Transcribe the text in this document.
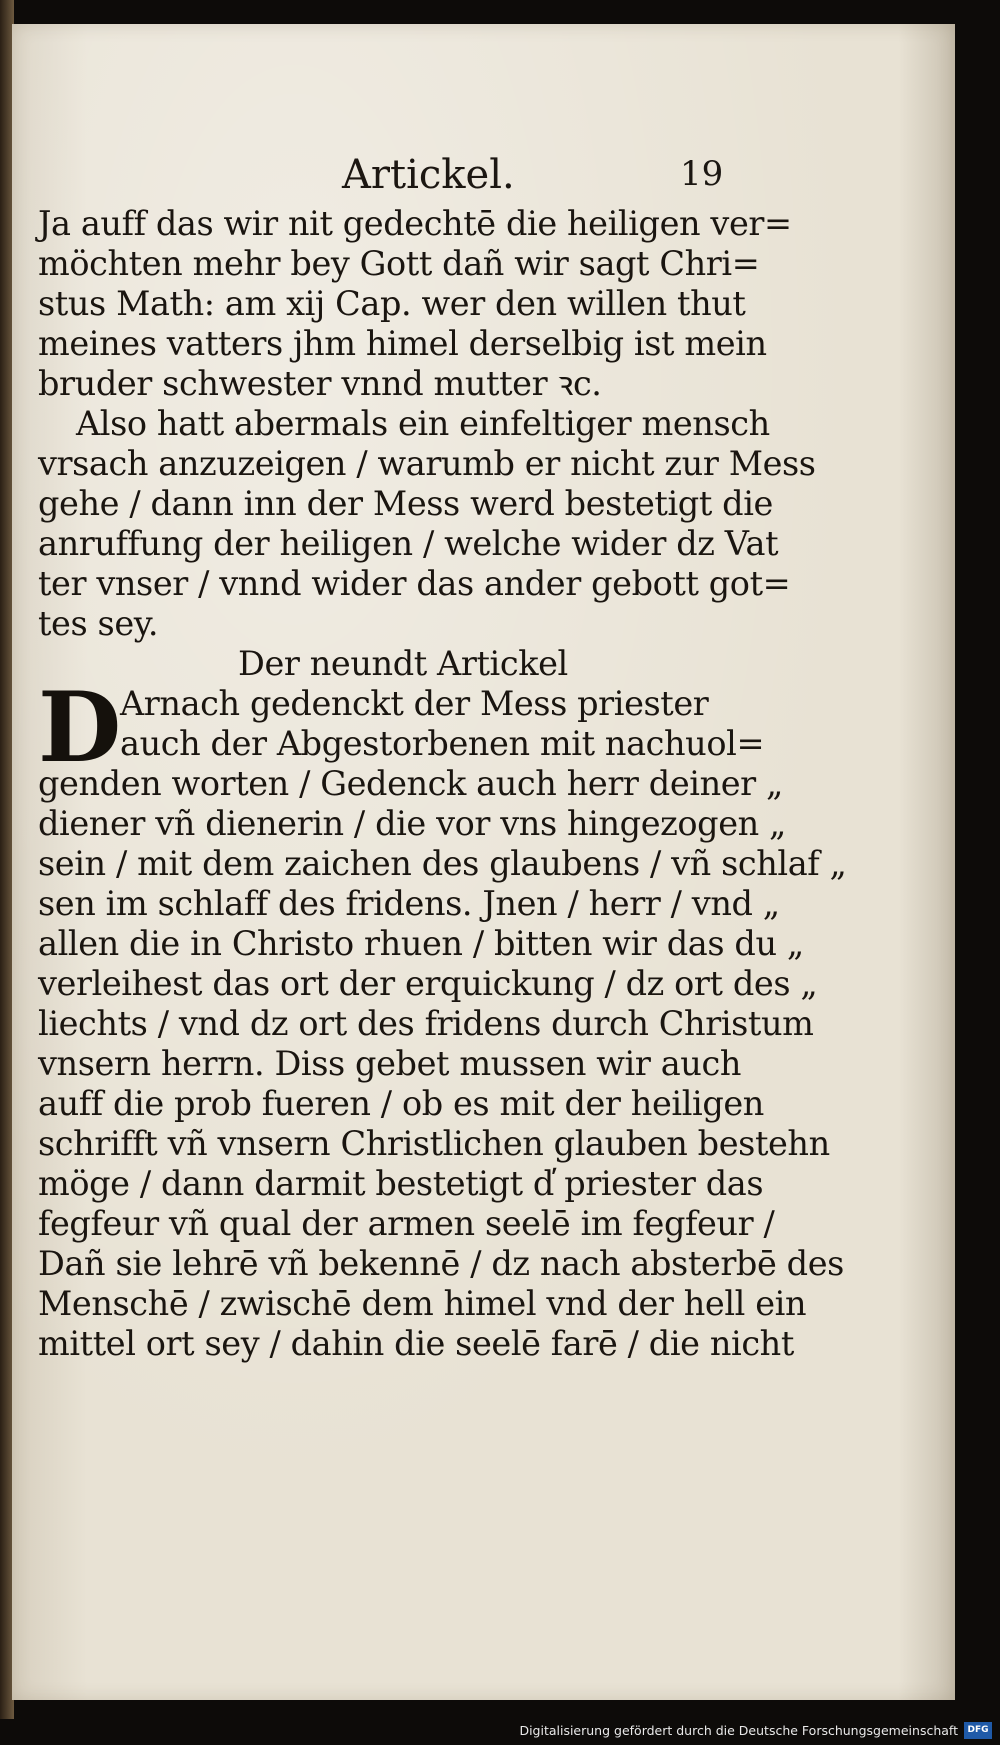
Artickel.	19
Ja auff das wir nit gedechtē die heiligen ver=
möchten mehr bey Gott dañ wir sagt Chri=
stus Math: am xij Cap. wer den willen thut
meines vatters jhm himel derselbig ist mein
bruder schwester vnnd mutter ꝛc.
Also hatt abermals ein einfeltiger mensch
vrsach anzuzeigen / warumb er nicht zur Mess
gehe / dann inn der Mess werd bestetigt die
anruffung der heiligen / welche wider dz Vat
ter vnser / vnnd wider das ander gebott got=
tes sey.
Der neundt Artickel
D Arnach gedenckt der Mess priester
auch der Abgestorbenen mit nachuol=
genden worten / Gedenck auch herr deiner „
diener vñ dienerin / die vor vns hingezogen „
sein / mit dem zaichen des glaubens / vñ schlaf „
sen im schlaff des fridens. Jnen / herr / vnd „
allen die in Christo rhuen / bitten wir das du „
verleihest das ort der erquickung / dz ort des „
liechts / vnd dz ort des fridens durch Christum
vnsern herrn. Diss gebet mussen wir auch
auff die prob fueren / ob es mit der heiligen
schrifft vñ vnsern Christlichen glauben bestehn
möge / dann darmit bestetigt d̕ priester das
fegfeur vñ qual der armen seelē im fegfeur /
Dañ sie lehrē vñ bekennē / dz nach absterbē des
Menschē / zwischē dem himel vnd der hell ein
mittel ort sey / dahin die seelē farē / die nicht
Digitalisierung gefördert durch die Deutsche Forschungsgemeinschaft	DFG
